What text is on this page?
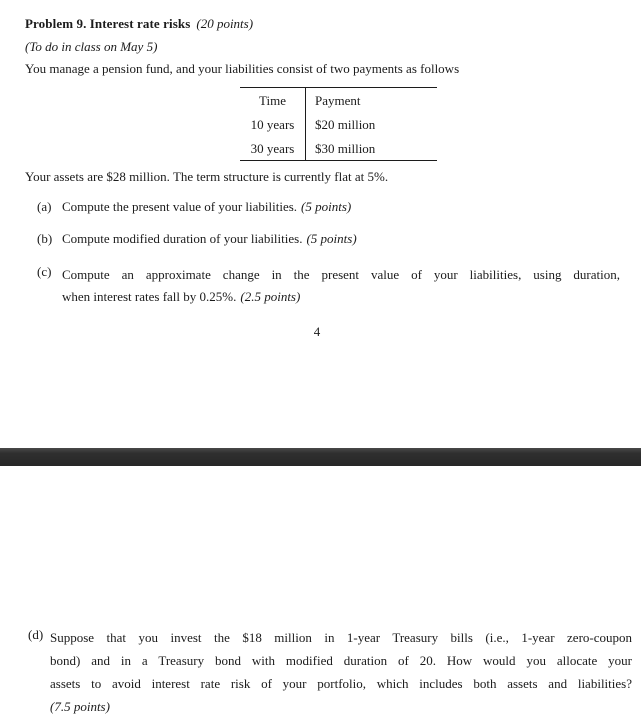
Problem 9. Interest rate risks (20 points)
(To do in class on May 5)
You manage a pension fund, and your liabilities consist of two payments as follows
Time	Payment
10 years	$20 million
30 years	$30 million
Your assets are $28 million. The term structure is currently flat at 5%.
(a) Compute the present value of your liabilities. (5 points)
(b) Compute modified duration of your liabilities. (5 points)
(c) Compute an approximate change in the present value of your liabilities, using duration,
when interest rates fall by 0.25%. (2.5 points)
4
(d) Suppose that you invest the $18 million in 1-year Treasury bills (i.e., 1-year zero-coupon
bond) and in a Treasury bond with modified duration of 20. How would you allocate your
assets to avoid interest rate risk of your portfolio, which includes both assets and liabilities?
(7.5 points)
